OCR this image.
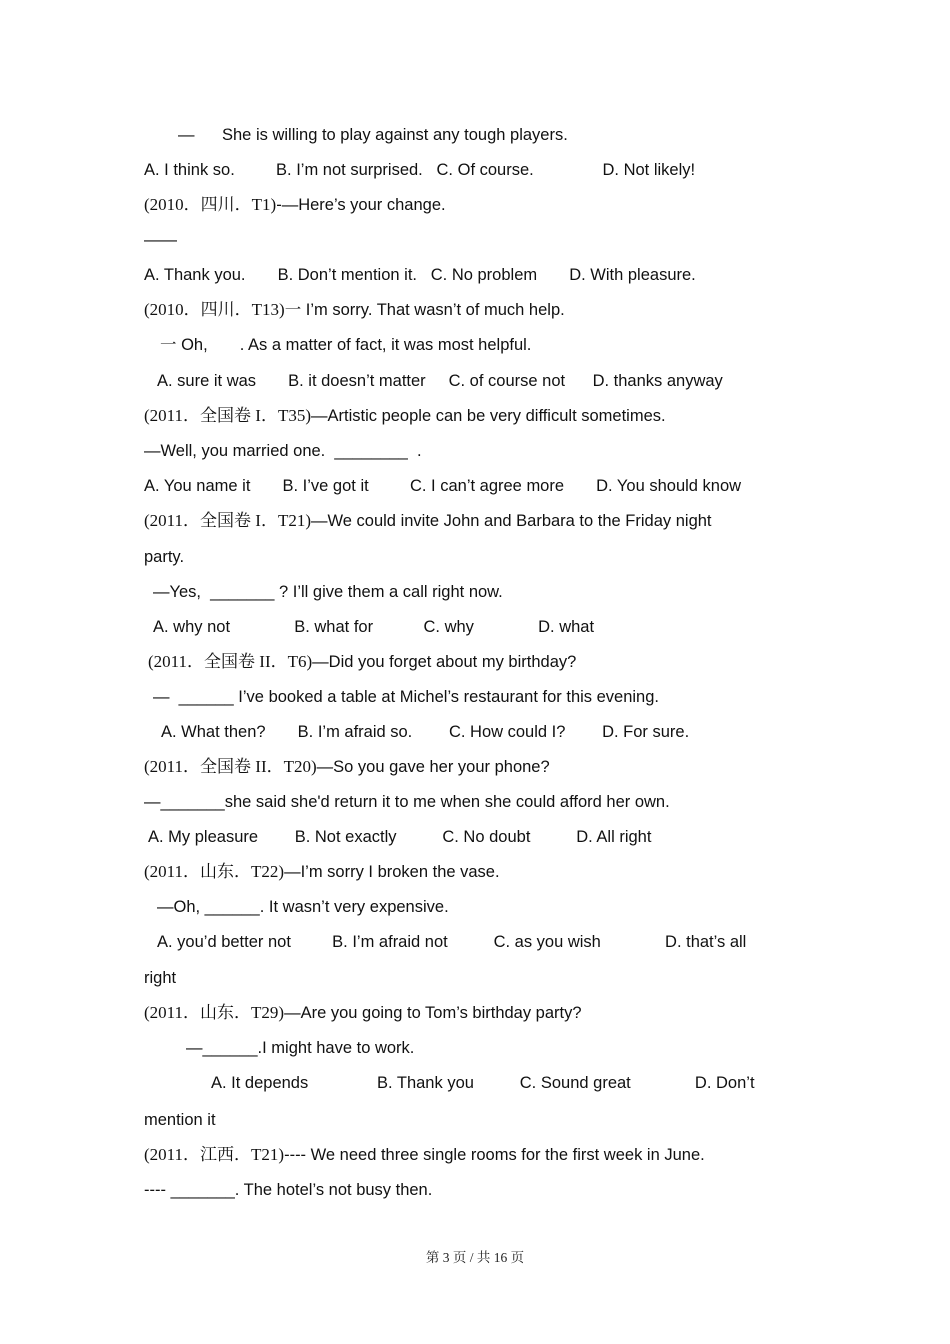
—      She is willing to play against any tough players.
A. I think so.         B. I’m not surprised.   C. Of course.               D. Not likely!
(2010．四川．T1)-—Here’s your change.
——
A. Thank you.       B. Don’t mention it.   C. No problem       D. With pleasure.
(2010．四川．T13)一 I’m sorry. That wasn’t of much help.
一 Oh,       . As a matter of fact, it was most helpful.
A. sure it was       B. it doesn’t matter     C. of course not      D. thanks anyway
(2011．全国卷 I．T35)—Artistic people can be very difficult sometimes.
—Well, you married one.  ________  .
A. You name it       B. I’ve got it         C. I can’t agree more       D. You should know
(2011．全国卷 I．T21)—We could invite John and Barbara to the Friday night
party.
—Yes,  _______ ? I’ll give them a call right now.
A. why not              B. what for           C. why              D. what
(2011．全国卷 II．T6)—Did you forget about my birthday?
—  ______ I’ve booked a table at Michel’s restaurant for this evening.
A. What then?       B. I’m afraid so.        C. How could I?        D. For sure.
(2011．全国卷 II．T20)—So you gave her your phone?
—_______she said she'd return it to me when she could afford her own.
A. My pleasure        B. Not exactly          C. No doubt          D. All right
(2011．山东．T22)—I’m sorry I broken the vase.
—Oh, ______. It wasn’t very expensive.
A. you’d better not         B. I’m afraid not          C. as you wish              D. that’s all
right
(2011．山东．T29)—Are you going to Tom’s birthday party?
—______.I might have to work.
A. It depends               B. Thank you          C. Sound great              D. Don’t
mention it
(2011．江西．T21)---- We need three single rooms for the first week in June.
---- _______. The hotel’s not busy then.
第 3 页 / 共 16 页
